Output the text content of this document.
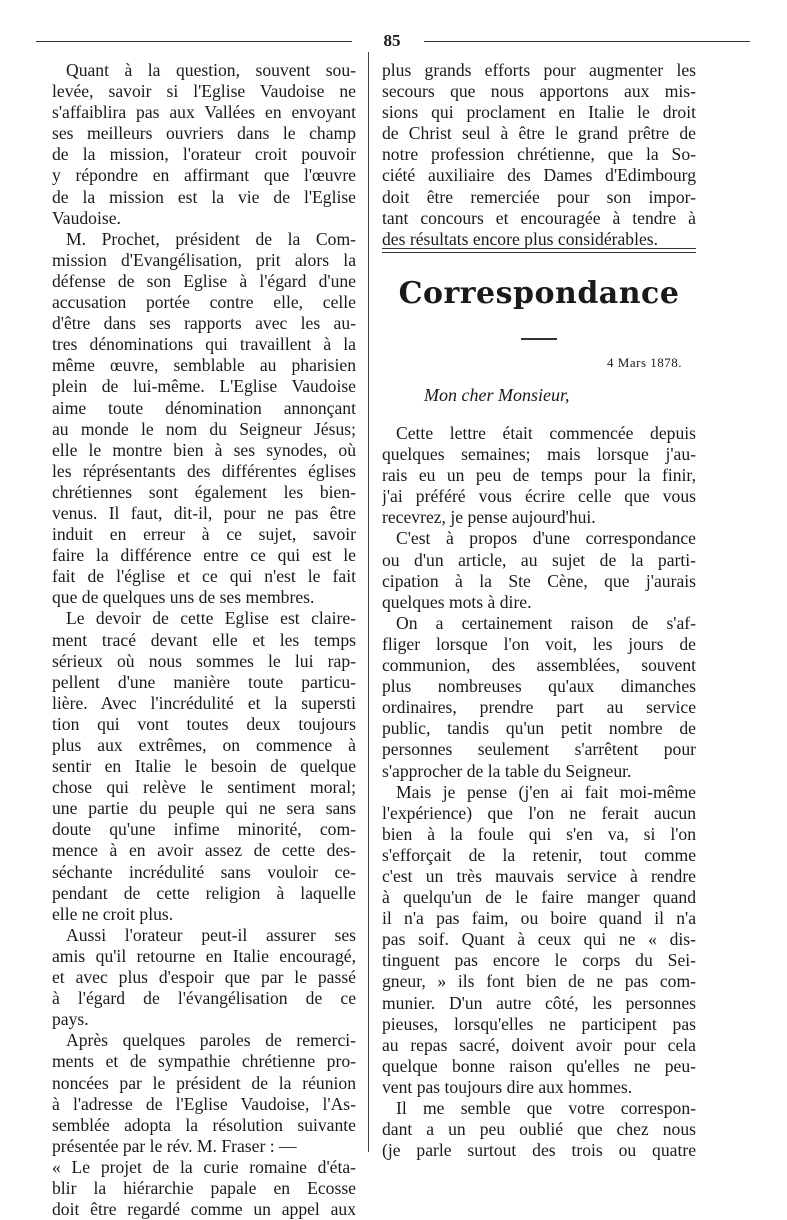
85
Quant à la question, souvent sou-
levée, savoir si l'Eglise Vaudoise ne
s'affaiblira pas aux Vallées en envoyant
ses meilleurs ouvriers dans le champ
de la mission, l'orateur croit pouvoir
y répondre en affirmant que l'œuvre
de la mission est la vie de l'Eglise
Vaudoise.
M. Prochet, président de la Com-
mission d'Evangélisation, prit alors la
défense de son Eglise à l'égard d'une
accusation portée contre elle, celle
d'être dans ses rapports avec les au-
tres dénominations qui travaillent à la
même œuvre, semblable au pharisien
plein de lui-même. L'Eglise Vaudoise
aime toute dénomination annonçant
au monde le nom du Seigneur Jésus;
elle le montre bien à ses synodes, où
les réprésentants des différentes églises
chrétiennes sont également les bien-
venus. Il faut, dit-il, pour ne pas être
induit en erreur à ce sujet, savoir
faire la différence entre ce qui est le
fait de l'église et ce qui n'est le fait
que de quelques uns de ses membres.
Le devoir de cette Eglise est claire-
ment tracé devant elle et les temps
sérieux où nous sommes le lui rap-
pellent d'une manière toute particu-
lière. Avec l'incrédulité et la supersti
tion qui vont toutes deux toujours
plus aux extrêmes, on commence à
sentir en Italie le besoin de quelque
chose qui relève le sentiment moral;
une partie du peuple qui ne sera sans
doute qu'une infime minorité, com-
mence à en avoir assez de cette des-
séchante incrédulité sans vouloir ce-
pendant de cette religion à laquelle
elle ne croit plus.
Aussi l'orateur peut-il assurer ses
amis qu'il retourne en Italie encouragé,
et avec plus d'espoir que par le passé
à l'égard de l'évangélisation de ce
pays.
Après quelques paroles de remerci-
ments et de sympathie chrétienne pro-
noncées par le président de la réunion
à l'adresse de l'Eglise Vaudoise, l'As-
semblée adopta la résolution suivante
présentée par le rév. M. Fraser : —
« Le projet de la curie romaine d'éta-
blir la hiérarchie papale en Ecosse
doit être regardé comme un appel aux
plus grands efforts pour augmenter les
secours que nous apportons aux mis-
sions qui proclament en Italie le droit
de Christ seul à être le grand prêtre de
notre profession chrétienne, que la So-
ciété auxiliaire des Dames d'Edimbourg
doit être remerciée pour son impor-
tant concours et encouragée à tendre à
des résultats encore plus considérables.
Correspondance
4 Mars 1878.
Mon cher Monsieur,
Cette lettre était commencée depuis
quelques semaines; mais lorsque j'au-
rais eu un peu de temps pour la finir,
j'ai préféré vous écrire celle que vous
recevrez, je pense aujourd'hui.
C'est à propos d'une correspondance
ou d'un article, au sujet de la parti-
cipation à la Ste Cène, que j'aurais
quelques mots à dire.
On a certainement raison de s'af-
fliger lorsque l'on voit, les jours de
communion, des assemblées, souvent
plus nombreuses qu'aux dimanches
ordinaires, prendre part au service
public, tandis qu'un petit nombre de
personnes seulement s'arrêtent pour
s'approcher de la table du Seigneur.
Mais je pense (j'en ai fait moi-même
l'expérience) que l'on ne ferait aucun
bien à la foule qui s'en va, si l'on
s'efforçait de la retenir, tout comme
c'est un très mauvais service à rendre
à quelqu'un de le faire manger quand
il n'a pas faim, ou boire quand il n'a
pas soif. Quant à ceux qui ne « dis-
tinguent pas encore le corps du Sei-
gneur, » ils font bien de ne pas com-
munier. D'un autre côté, les personnes
pieuses, lorsqu'elles ne participent pas
au repas sacré, doivent avoir pour cela
quelque bonne raison qu'elles ne peu-
vent pas toujours dire aux hommes.
Il me semble que votre correspon-
dant a un peu oublié que chez nous
(je parle surtout des trois ou quatre
